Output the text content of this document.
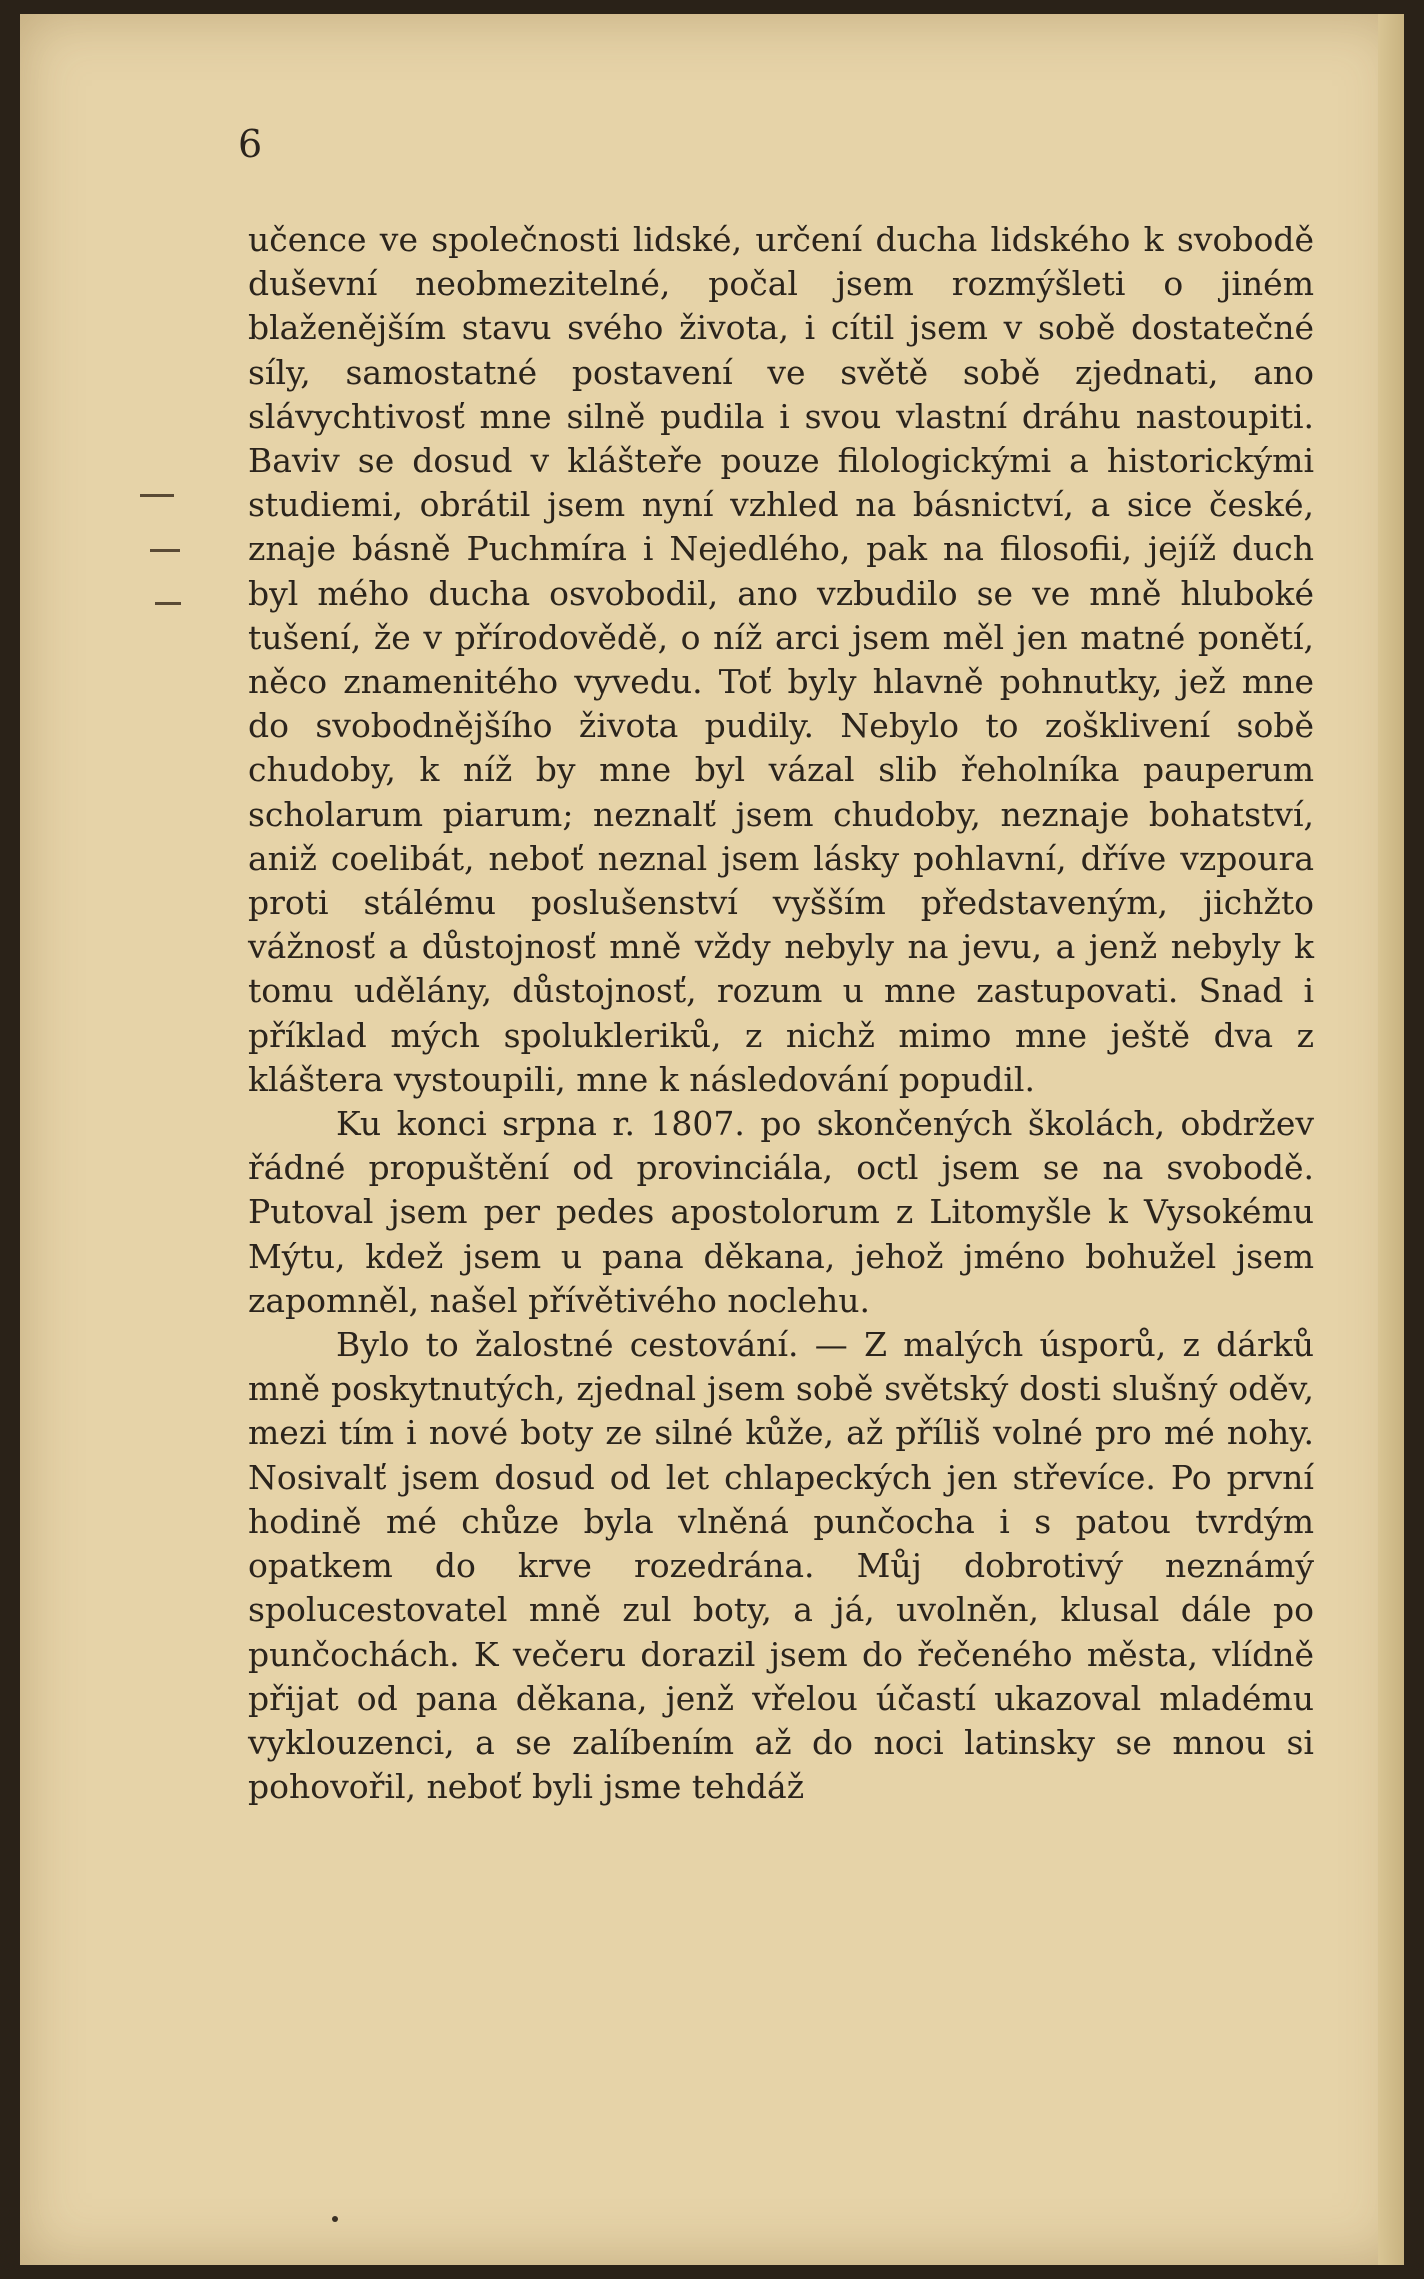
6

učence ve společnosti lidské, určení ducha lidského k svobodě duševní neobmezitelné, počal jsem rozmýšleti o jiném blaženějším stavu svého života, i cítil jsem v sobě dostatečné síly, samostatné postavení ve světě sobě zjednati, ano slávychtivosť mne silně pudila i svou vlastní dráhu nastoupiti. Baviv se dosud v klášteře pouze filologickými a historickými studiemi, obrátil jsem nyní vzhled na básnictví, a sice české, znaje básně Puchmíra i Nejedlého, pak na filosofii, jejíž duch byl mého ducha osvobodil, ano vzbudilo se ve mně hluboké tušení, že v přírodovědě, o níž arci jsem měl jen matné ponětí, něco znamenitého vyvedu. Toť byly hlavně pohnutky, jež mne do svobodnějšího života pudily. Nebylo to zošklivení sobě chudoby, k níž by mne byl vázal slib řeholníka pauperum scholarum piarum; neznalť jsem chudoby, neznaje bohatství, aniž coelibát, neboť neznal jsem lásky pohlavní, dříve vzpoura proti stálému poslušenství vyšším představeným, jichžto vážnosť a důstojnosť mně vždy nebyly na jevu, a jenž nebyly k tomu udělány, důstojnosť, rozum u mne zastupovati. Snad i příklad mých spolukleriků, z nichž mimo mne ještě dva z kláštera vystoupili, mne k následování popudil.

Ku konci srpna r. 1807. po skončených školách, obdržev řádné propuštění od provinciála, octl jsem se na svobodě. Putoval jsem per pedes apostolorum z Litomyšle k Vysokému Mýtu, kdež jsem u pana děkana, jehož jméno bohužel jsem zapomněl, našel přívětivého noclehu.

Bylo to žalostné cestování. — Z malých úsporů, z dárků mně poskytnutých, zjednal jsem sobě světský dosti slušný oděv, mezi tím i nové boty ze silné kůže, až příliš volné pro mé nohy. Nosivalť jsem dosud od let chlapeckých jen střevíce. Po první hodině mé chůze byla vlněná punčocha i s patou tvrdým opatkem do krve rozedrána. Můj dobrotivý neznámý spolucestovatel mně zul boty, a já, uvolněn, klusal dále po punčochách. K večeru dorazil jsem do řečeného města, vlídně přijat od pana děkana, jenž vřelou účastí ukazoval mladému vyklouzenci, a se zalíbením až do noci latinsky se mnou si pohovořil, neboť byli jsme tehdáž
